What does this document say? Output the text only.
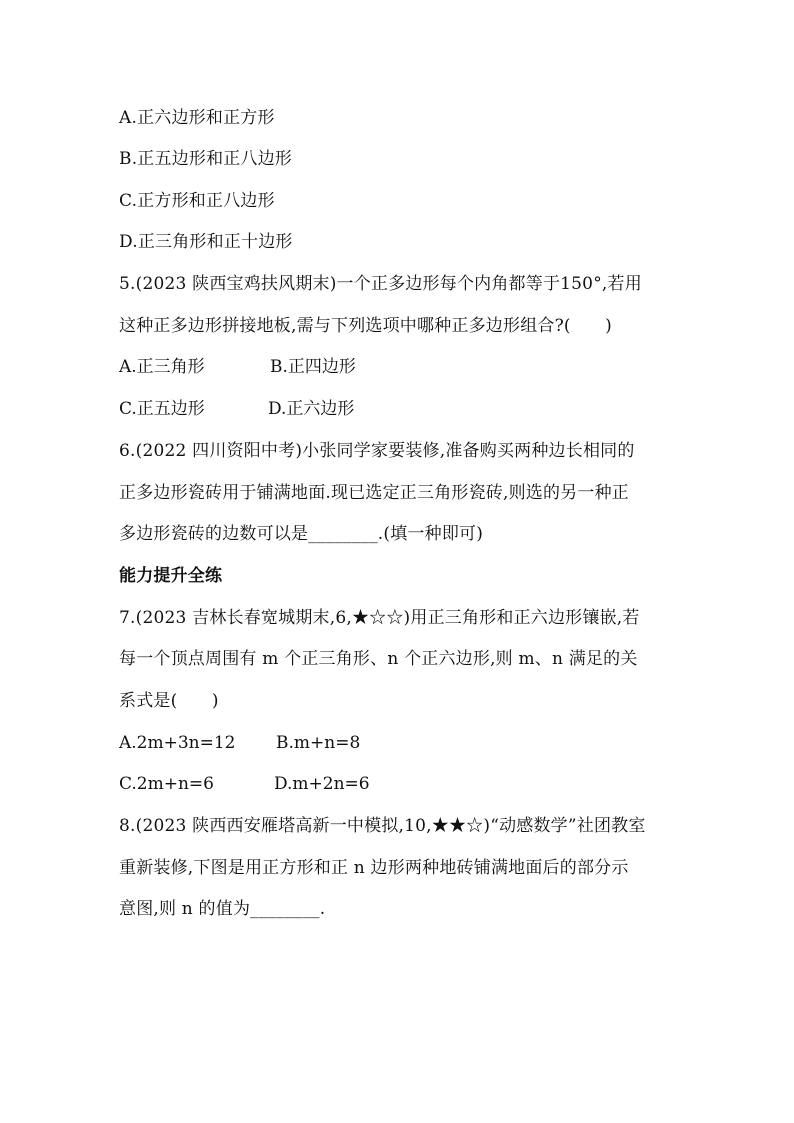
A.正六边形和正方形
B.正五边形和正八边形
C.正方形和正八边形
D.正三角形和正十边形
5.(2023 陕西宝鸡扶风期末)一个正多边形每个内角都等于150°,若用
这种正多边形拼接地板,需与下列选项中哪种正多边形组合?(　　)
A.正三角形	B.正四边形
C.正五边形	D.正六边形
6.(2022 四川资阳中考)小张同学家要装修,准备购买两种边长相同的
正多边形瓷砖用于铺满地面.现已选定正三角形瓷砖,则选的另一种正
多边形瓷砖的边数可以是________.(填一种即可)
能力提升全练
7.(2023 吉林长春宽城期末,6,★☆☆)用正三角形和正六边形镶嵌,若
每一个顶点周围有 m 个正三角形、n 个正六边形,则 m、n 满足的关
系式是(　　)
A.2m+3n=12 B.m+n=8
C.2m+n=6	D.m+2n=6
8.(2023 陕西西安雁塔高新一中模拟,10,★★☆)“动感数学”社团教室
重新装修,下图是用正方形和正 n 边形两种地砖铺满地面后的部分示
意图,则 n 的值为________.
